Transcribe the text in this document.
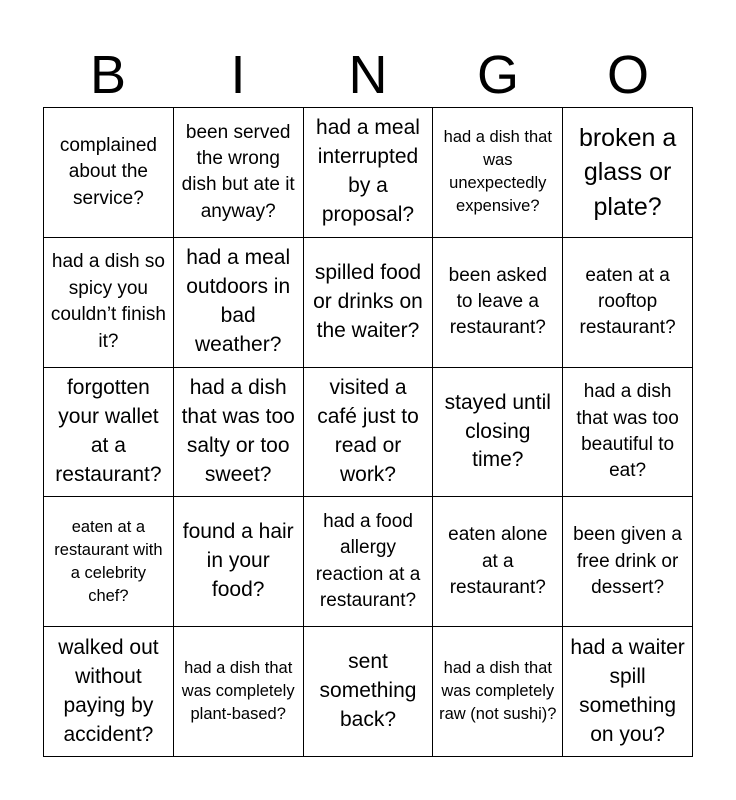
B	I	N	G	O
complained about the service?
been served the wrong dish but ate it anyway?
had a meal interrupted by a proposal?
had a dish that was unexpectedly expensive?
broken a glass or plate?
had a dish so spicy you couldn’t finish it?
had a meal outdoors in bad weather?
spilled food or drinks on the waiter?
been asked to leave a restaurant?
eaten at a rooftop restaurant?
forgotten your wallet at a restaurant?
had a dish that was too salty or too sweet?
visited a café just to read or work?
stayed until closing time?
had a dish that was too beautiful to eat?
eaten at a restaurant with a celebrity chef?
found a hair in your food?
had a food allergy reaction at a restaurant?
eaten alone at a restaurant?
been given a free drink or dessert?
walked out without paying by accident?
had a dish that was completely plant-based?
sent something back?
had a dish that was completely raw (not sushi)?
had a waiter spill something on you?
